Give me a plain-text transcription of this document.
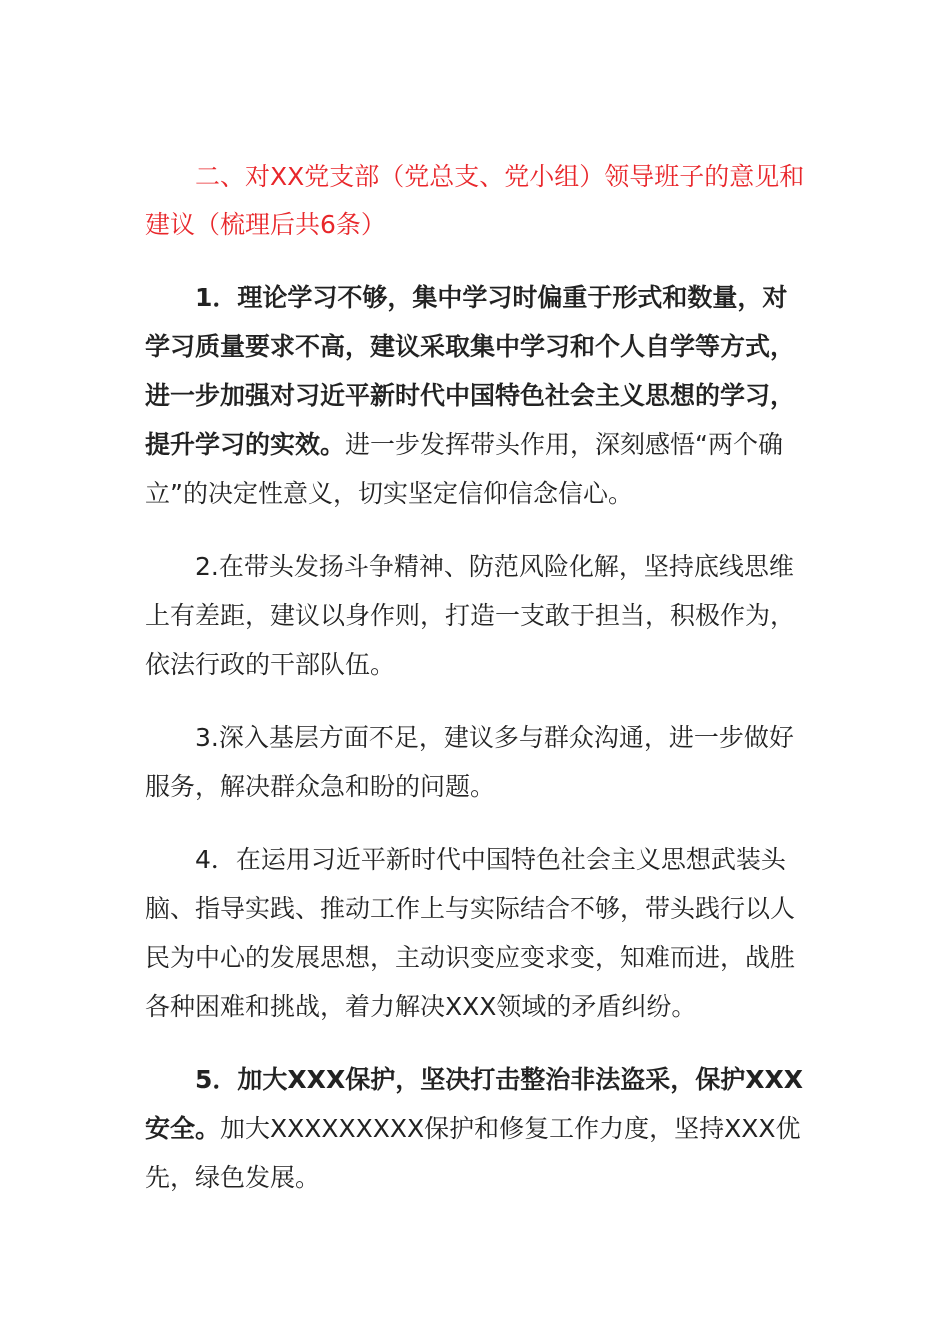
二、对XX党支部（党总支、党小组）领导班子的意见和建议（梳理后共6条）

1．理论学习不够，集中学习时偏重于形式和数量，对学习质量要求不高，建议采取集中学习和个人自学等方式，进一步加强对习近平新时代中国特色社会主义思想的学习，提升学习的实效。进一步发挥带头作用，深刻感悟“两个确立”的决定性意义，切实坚定信仰信念信心。

2.在带头发扬斗争精神、防范风险化解，坚持底线思维上有差距，建议以身作则，打造一支敢于担当，积极作为，依法行政的干部队伍。

3.深入基层方面不足，建议多与群众沟通，进一步做好服务，解决群众急和盼的问题。

4．在运用习近平新时代中国特色社会主义思想武装头脑、指导实践、推动工作上与实际结合不够，带头践行以人民为中心的发展思想，主动识变应变求变，知难而进，战胜各种困难和挑战，着力解决XXX领域的矛盾纠纷。

5．加大XXX保护，坚决打击整治非法盗采，保护XXX安全。加大XXXXXXXXX保护和修复工作力度，坚持XXX优先，绿色发展。
